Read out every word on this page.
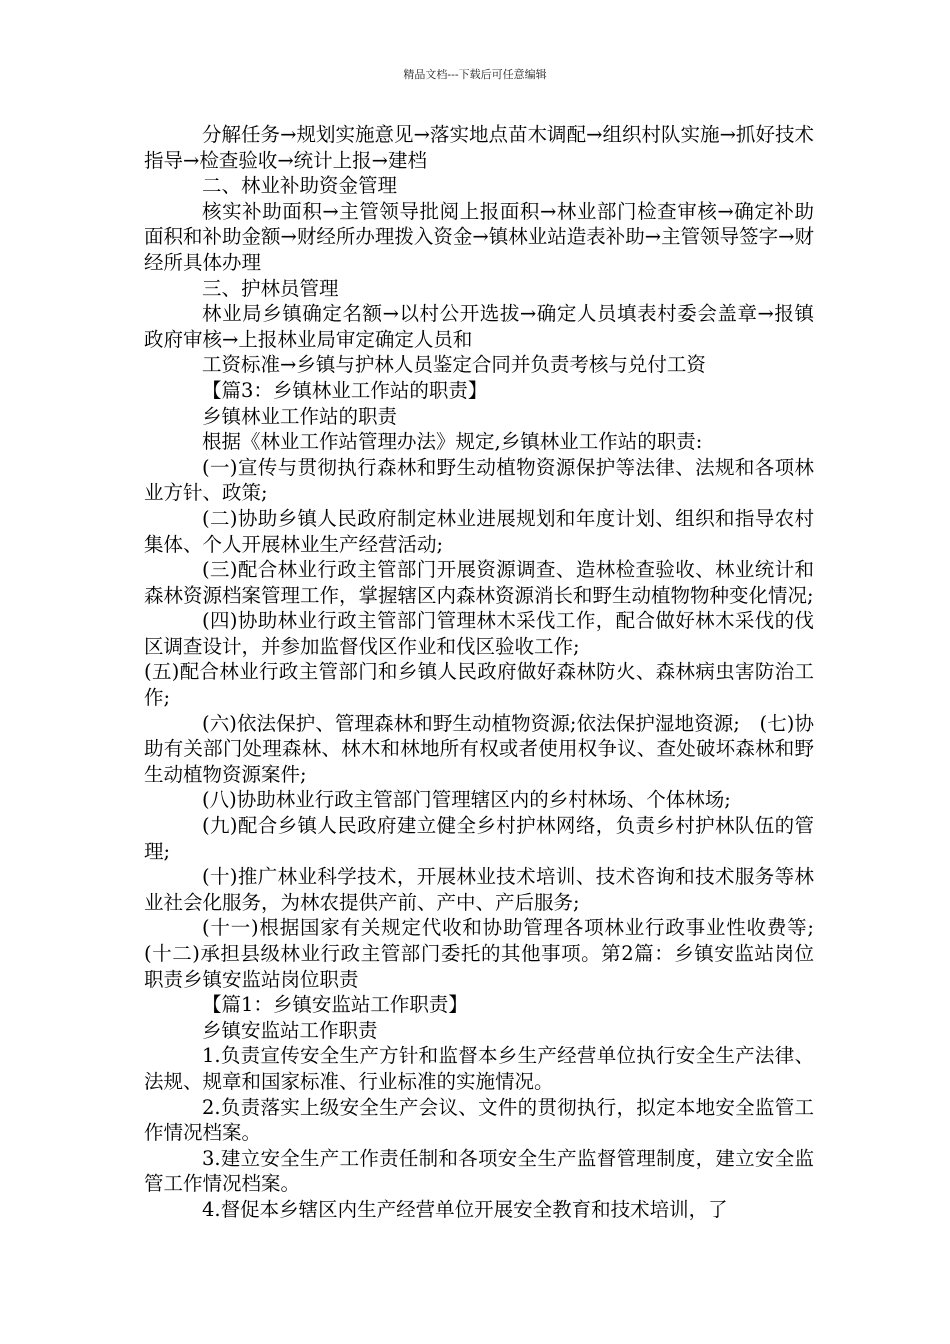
精品文档---下载后可任意编辑

分解任务→规划实施意见→落实地点苗木调配→组织村队实施→抓好技术指导→检查验收→统计上报→建档

二、林业补助资金管理

核实补助面积→主管领导批阅上报面积→林业部门检查审核→确定补助面积和补助金额→财经所办理拨入资金→镇林业站造表补助→主管领导签字→财经所具体办理

三、护林员管理

林业局乡镇确定名额→以村公开选拔→确定人员填表村委会盖章→报镇政府审核→上报林业局审定确定人员和

工资标准→乡镇与护林人员鉴定合同并负责考核与兑付工资

【篇3：乡镇林业工作站的职责】

乡镇林业工作站的职责

根据《林业工作站管理办法》规定,乡镇林业工作站的职责:

(一)宣传与贯彻执行森林和野生动植物资源保护等法律、法规和各项林业方针、政策;

(二)协助乡镇人民政府制定林业进展规划和年度计划、组织和指导农村集体、个人开展林业生产经营活动;

(三)配合林业行政主管部门开展资源调查、造林检查验收、林业统计和森林资源档案管理工作，掌握辖区内森林资源消长和野生动植物物种变化情况;

(四)协助林业行政主管部门管理林木采伐工作，配合做好林木采伐的伐区调查设计，并参加监督伐区作业和伐区验收工作;

(五)配合林业行政主管部门和乡镇人民政府做好森林防火、森林病虫害防治工作;

(六)依法保护、管理森林和野生动植物资源;依法保护湿地资源;　(七)协助有关部门处理森林、林木和林地所有权或者使用权争议、查处破坏森林和野生动植物资源案件;

(八)协助林业行政主管部门管理辖区内的乡村林场、个体林场;

(九)配合乡镇人民政府建立健全乡村护林网络，负责乡村护林队伍的管理;

(十)推广林业科学技术，开展林业技术培训、技术咨询和技术服务等林业社会化服务，为林农提供产前、产中、产后服务;

(十一)根据国家有关规定代收和协助管理各项林业行政事业性收费等;　(十二)承担县级林业行政主管部门委托的其他事项。第2篇：乡镇安监站岗位职责乡镇安监站岗位职责

【篇1：乡镇安监站工作职责】

乡镇安监站工作职责

1.负责宣传安全生产方针和监督本乡生产经营单位执行安全生产法律、法规、规章和国家标准、行业标准的实施情况。

2.负责落实上级安全生产会议、文件的贯彻执行，拟定本地安全监管工作情况档案。

3.建立安全生产工作责任制和各项安全生产监督管理制度，建立安全监管工作情况档案。

4.督促本乡辖区内生产经营单位开展安全教育和技术培训，了
